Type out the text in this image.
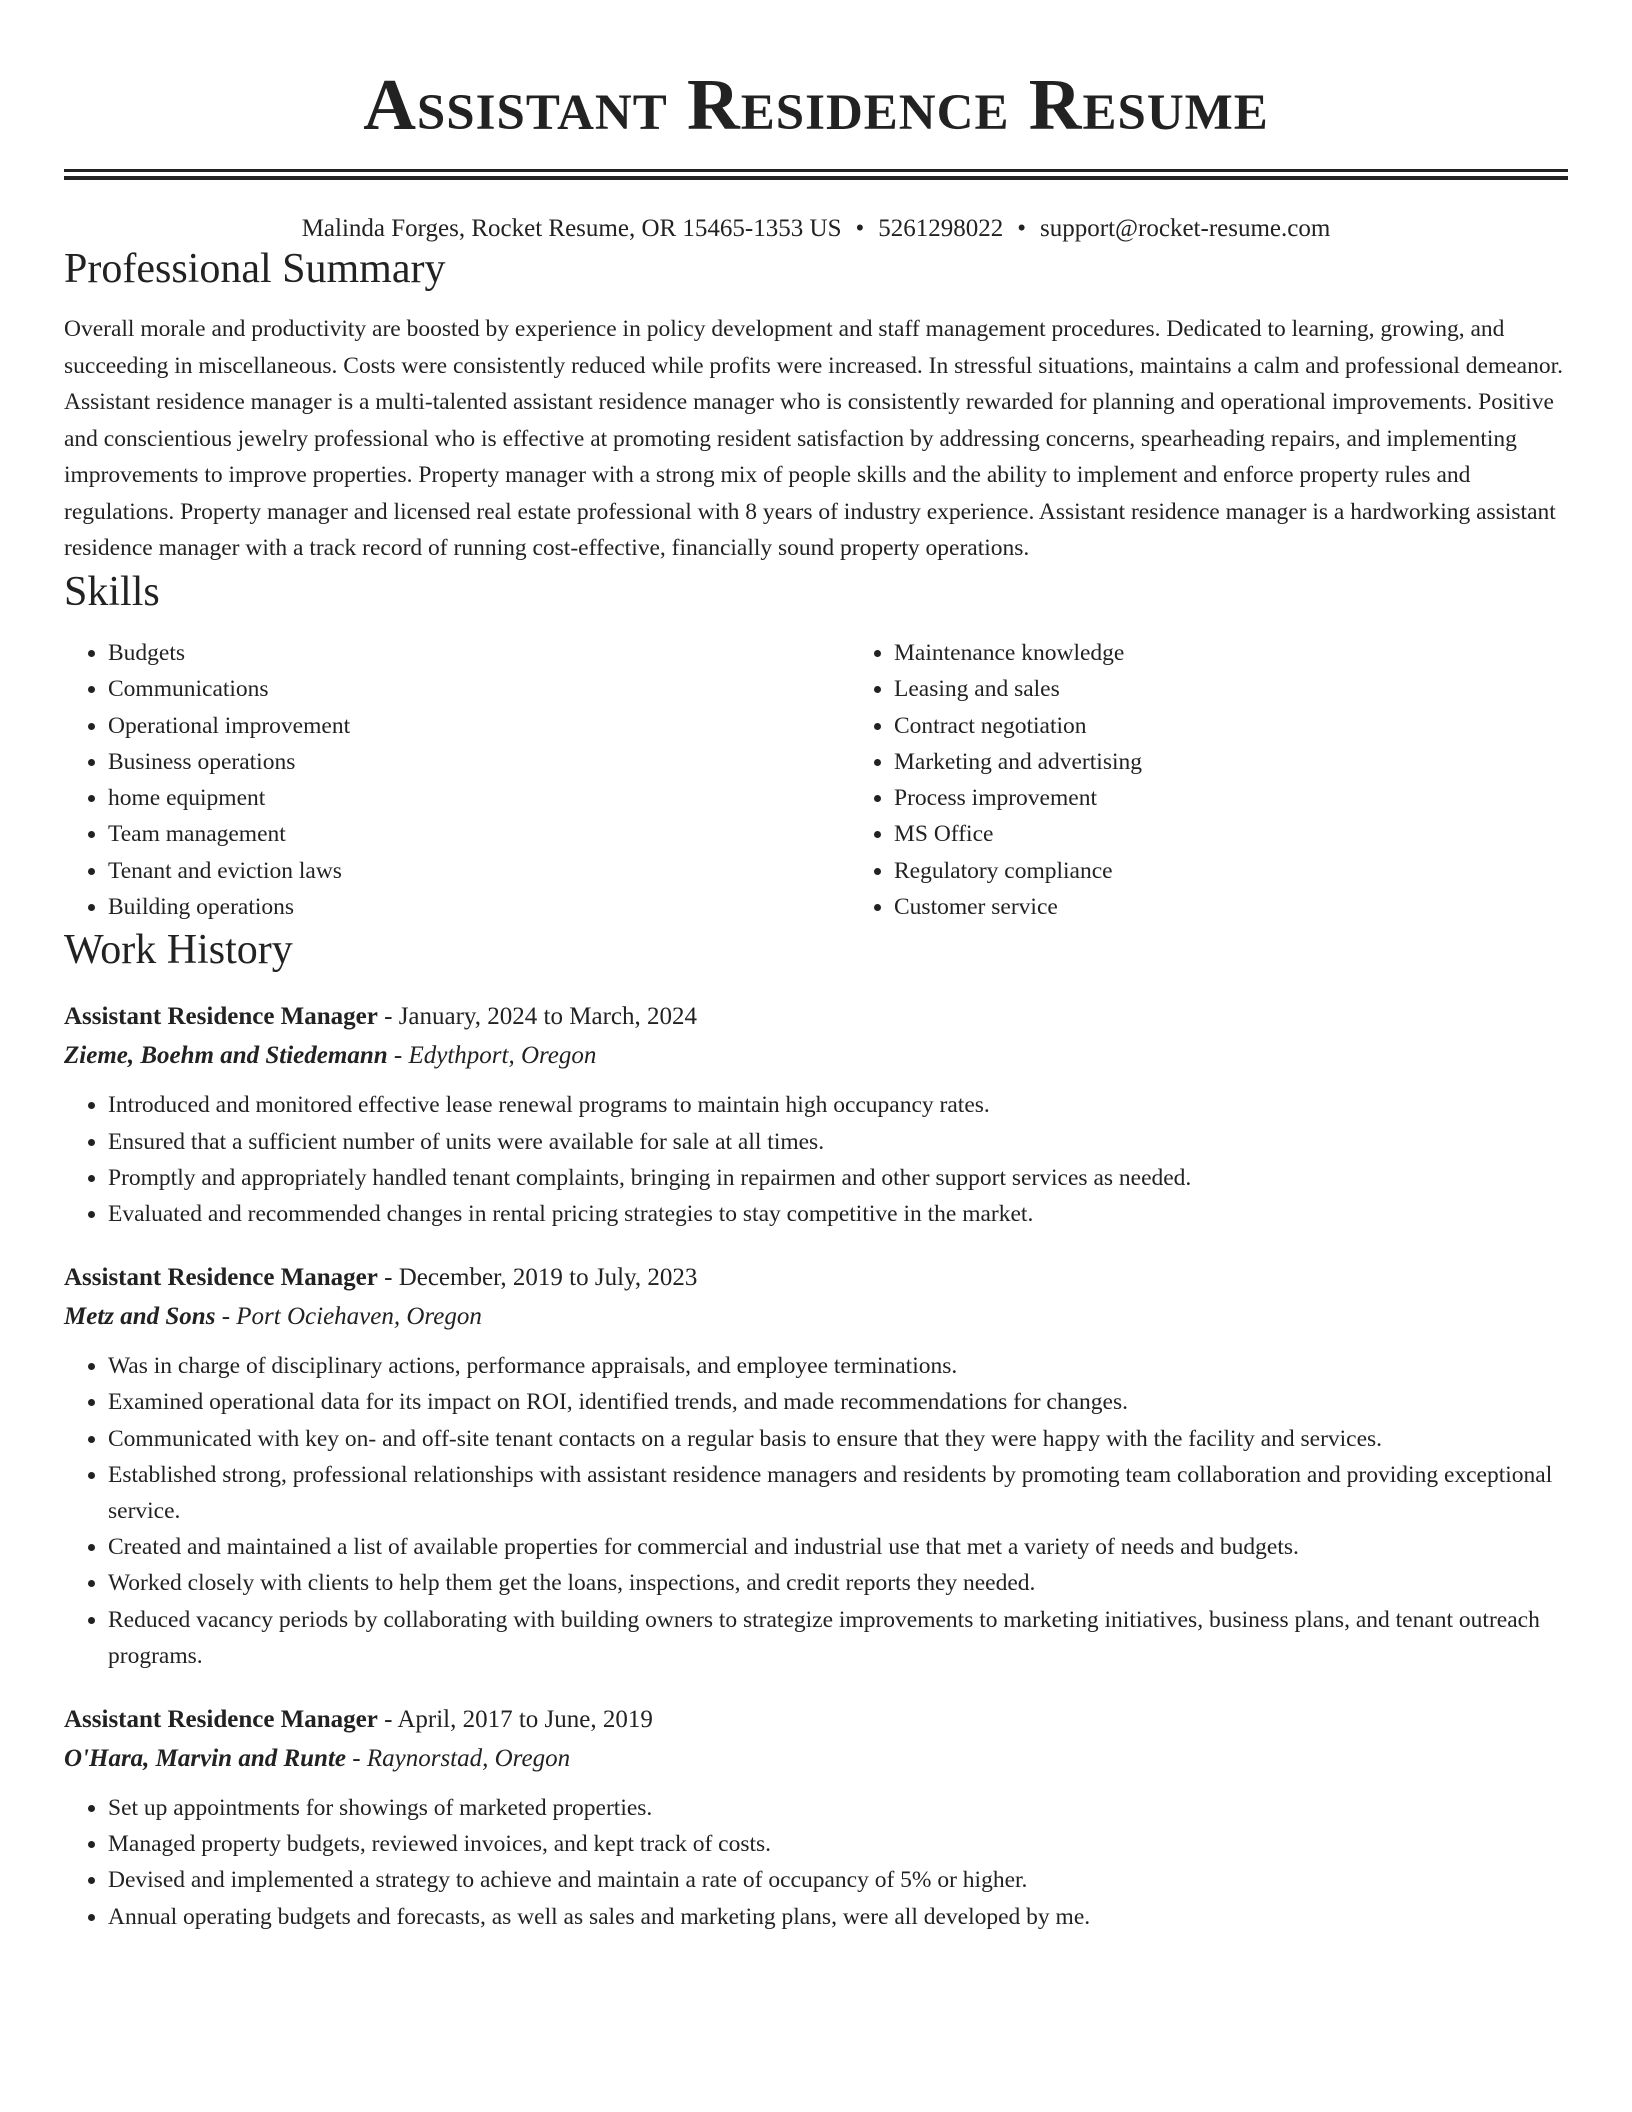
Assistant Residence Resume
Malinda Forges, Rocket Resume, OR 15465-1353 US • 5261298022 • support@rocket-resume.com
Professional Summary

Overall morale and productivity are boosted by experience in policy development and staff management procedures. Dedicated to learning, growing, and succeeding in miscellaneous. Costs were consistently reduced while profits were increased. In stressful situations, maintains a calm and professional demeanor. Assistant residence manager is a multi-talented assistant residence manager who is consistently rewarded for planning and operational improvements. Positive and conscientious jewelry professional who is effective at promoting resident satisfaction by addressing concerns, spearheading repairs, and implementing improvements to improve properties. Property manager with a strong mix of people skills and the ability to implement and enforce property rules and regulations. Property manager and licensed real estate professional with 8 years of industry experience. Assistant residence manager is a hardworking assistant residence manager with a track record of running cost-effective, financially sound property operations.

Skills
• Budgets
• Communications
• Operational improvement
• Business operations
• home equipment
• Team management
• Tenant and eviction laws
• Building operations
• Maintenance knowledge
• Leasing and sales
• Contract negotiation
• Marketing and advertising
• Process improvement
• MS Office
• Regulatory compliance
• Customer service
Work History
Assistant Residence Manager - January, 2024 to March, 2024
Zieme, Boehm and Stiedemann - Edythport, Oregon
• Introduced and monitored effective lease renewal programs to maintain high occupancy rates.
• Ensured that a sufficient number of units were available for sale at all times.
• Promptly and appropriately handled tenant complaints, bringing in repairmen and other support services as needed.
• Evaluated and recommended changes in rental pricing strategies to stay competitive in the market.
Assistant Residence Manager - December, 2019 to July, 2023
Metz and Sons - Port Ociehaven, Oregon
• Was in charge of disciplinary actions, performance appraisals, and employee terminations.
• Examined operational data for its impact on ROI, identified trends, and made recommendations for changes.
• Communicated with key on- and off-site tenant contacts on a regular basis to ensure that they were happy with the facility and services.
• Established strong, professional relationships with assistant residence managers and residents by promoting team collaboration and providing exceptional service.
• Created and maintained a list of available properties for commercial and industrial use that met a variety of needs and budgets.
• Worked closely with clients to help them get the loans, inspections, and credit reports they needed.
• Reduced vacancy periods by collaborating with building owners to strategize improvements to marketing initiatives, business plans, and tenant outreach programs.
Assistant Residence Manager - April, 2017 to June, 2019
O'Hara, Marvin and Runte - Raynorstad, Oregon
• Set up appointments for showings of marketed properties.
• Managed property budgets, reviewed invoices, and kept track of costs.
• Devised and implemented a strategy to achieve and maintain a rate of occupancy of 5% or higher.
• Annual operating budgets and forecasts, as well as sales and marketing plans, were all developed by me.
